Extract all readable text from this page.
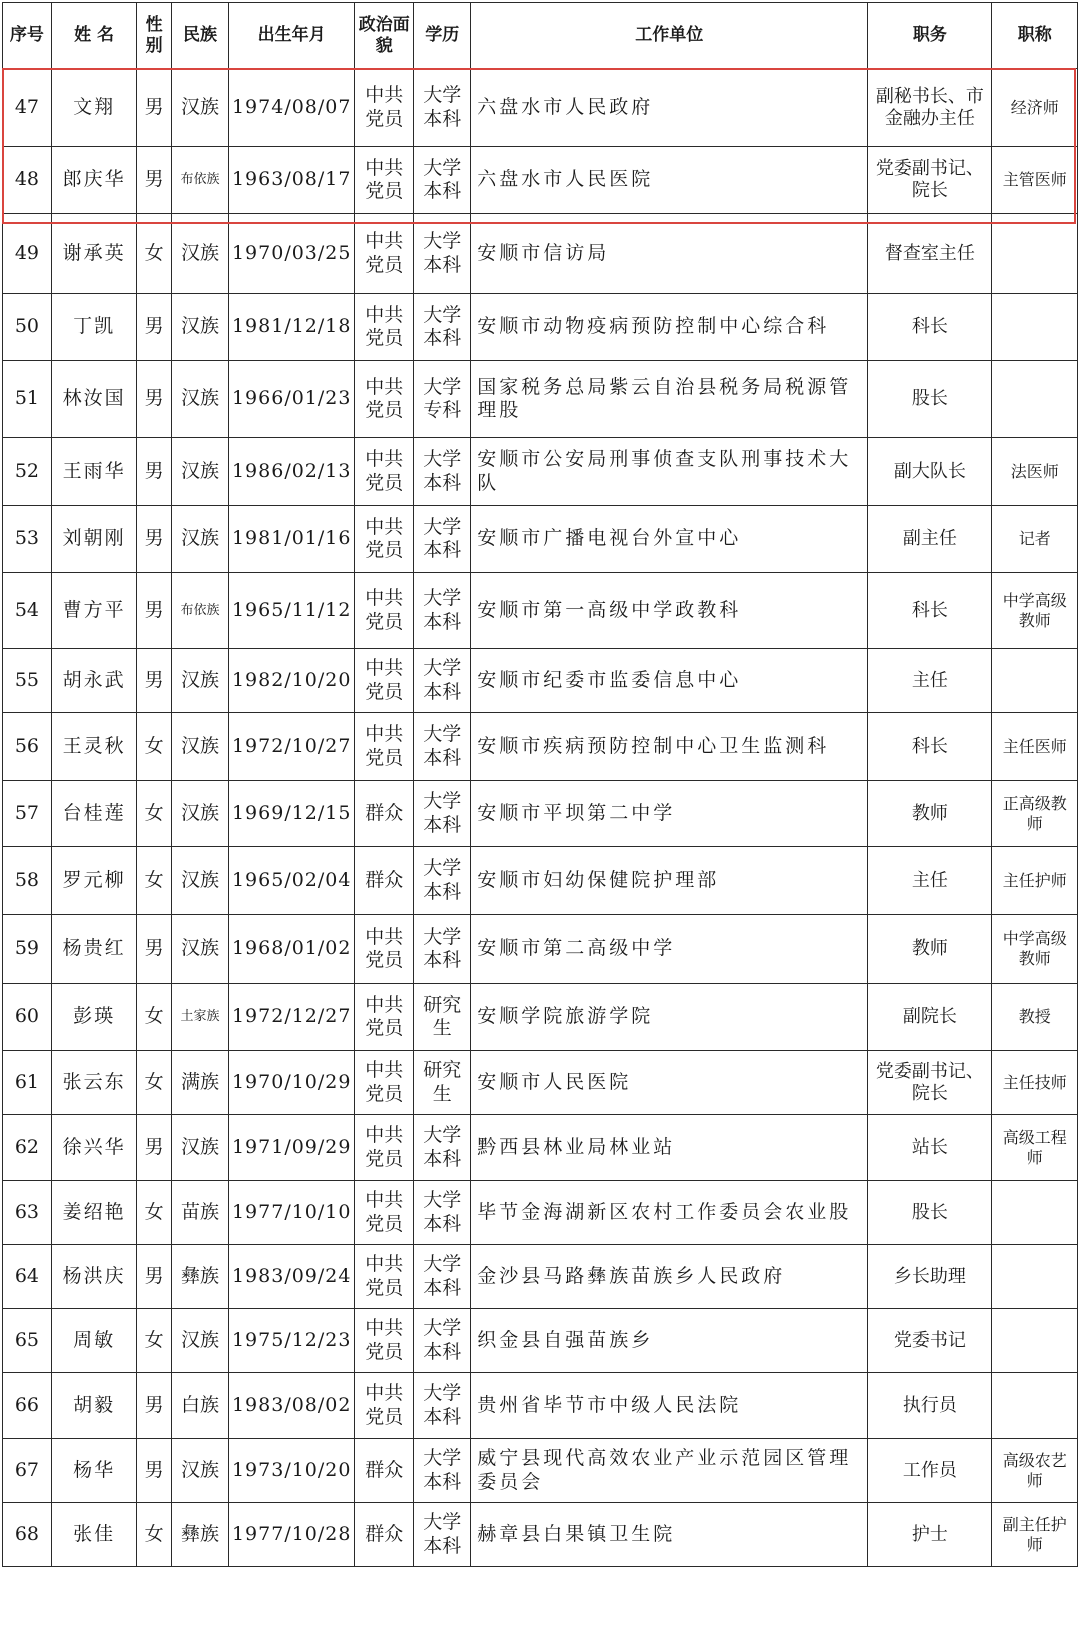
序号	姓 名	性别	民族	出生年月	政治面貌	学历	工作单位	职务	职称
47	文翔	男	汉族	1974/08/07	中共党员	大学本科	六盘水市人民政府	副秘书长、市金融办主任	经济师
48	郎庆华	男	布依族	1963/08/17	中共党员	大学本科	六盘水市人民医院	党委副书记、院长	主管医师
49	谢承英	女	汉族	1970/03/25	中共党员	大学本科	安顺市信访局	督查室主任	
50	丁凯	男	汉族	1981/12/18	中共党员	大学本科	安顺市动物疫病预防控制中心综合科	科长	
51	林汝国	男	汉族	1966/01/23	中共党员	大学专科	国家税务总局紫云自治县税务局税源管理股	股长	
52	王雨华	男	汉族	1986/02/13	中共党员	大学本科	安顺市公安局刑事侦查支队刑事技术大队	副大队长	法医师
53	刘朝刚	男	汉族	1981/01/16	中共党员	大学本科	安顺市广播电视台外宣中心	副主任	记者
54	曹方平	男	布依族	1965/11/12	中共党员	大学本科	安顺市第一高级中学政教科	科长	中学高级教师
55	胡永武	男	汉族	1982/10/20	中共党员	大学本科	安顺市纪委市监委信息中心	主任	
56	王灵秋	女	汉族	1972/10/27	中共党员	大学本科	安顺市疾病预防控制中心卫生监测科	科长	主任医师
57	台桂莲	女	汉族	1969/12/15	群众	大学本科	安顺市平坝第二中学	教师	正高级教师
58	罗元柳	女	汉族	1965/02/04	群众	大学本科	安顺市妇幼保健院护理部	主任	主任护师
59	杨贵红	男	汉族	1968/01/02	中共党员	大学本科	安顺市第二高级中学	教师	中学高级教师
60	彭瑛	女	土家族	1972/12/27	中共党员	研究生	安顺学院旅游学院	副院长	教授
61	张云东	女	满族	1970/10/29	中共党员	研究生	安顺市人民医院	党委副书记、院长	主任技师
62	徐兴华	男	汉族	1971/09/29	中共党员	大学本科	黔西县林业局林业站	站长	高级工程师
63	姜绍艳	女	苗族	1977/10/10	中共党员	大学本科	毕节金海湖新区农村工作委员会农业股	股长	
64	杨洪庆	男	彝族	1983/09/24	中共党员	大学本科	金沙县马路彝族苗族乡人民政府	乡长助理	
65	周敏	女	汉族	1975/12/23	中共党员	大学本科	织金县自强苗族乡	党委书记	
66	胡毅	男	白族	1983/08/02	中共党员	大学本科	贵州省毕节市中级人民法院	执行员	
67	杨华	男	汉族	1973/10/20	群众	大学本科	威宁县现代高效农业产业示范园区管理委员会	工作员	高级农艺师
68	张佳	女	彝族	1977/10/28	群众	大学本科	赫章县白果镇卫生院	护士	副主任护师
